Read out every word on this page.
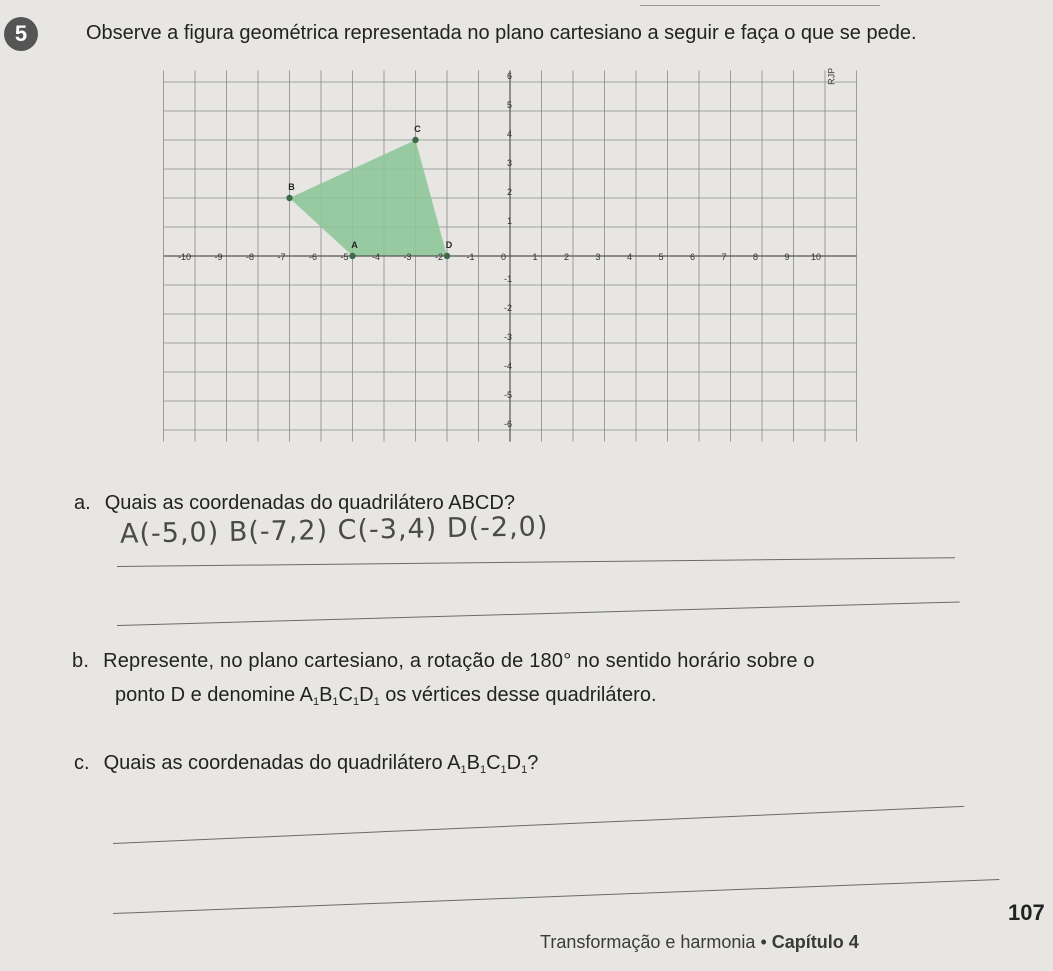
5	Observe a figura geométrica representada no plano cartesiano a seguir e faça o que se pede.
-10	-9	-8	-7	-6	-5	-4	-3	-2	-1	0	1	2	3	4	5	6	7	8	9 10
6
5
4
3
2
1
-1
-2
-3
-4
-5
-6
A
B
C
D
RJP
a. Quais as coordenadas do quadrilátero ABCD?
A(-5,0) B(-7,2) C(-3,4) D(-2,0)
b. Represente, no plano cartesiano, a rotação de 180° no sentido horário sobre o
ponto D e denomine $A_1B_1C_1D_1$ os vértices desse quadrilátero.
c. Quais as coordenadas do quadrilátero $A_1B_1C_1D_1$?
Transformação e harmonia • Capítulo 4
107
